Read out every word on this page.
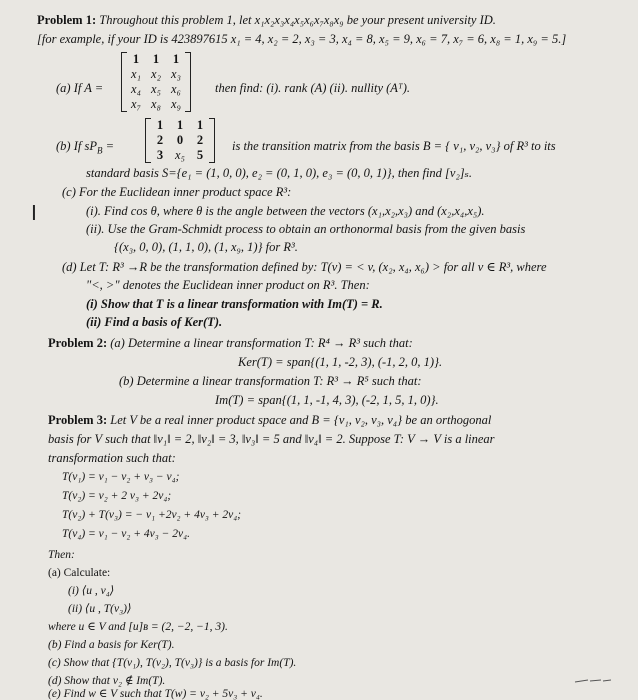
Problem 1: Throughout this problem 1, let x₁x₂x₃x₄x₅x₆x₇x₈x₉ be your present university ID.
[for example, if your ID is 423897615 x₁ = 4, x₂ = 2, x₃ = 3, x₄ = 8, x₅ = 9, x₆ = 7, x₇ = 6, x₈ = 1, x₉ = 5.]
(a) If A =
1	1	1
x₁ x₂ x₃
x₄ x₅ x₆
x₇ x₈ x₉
then find: (i). rank (A) (ii). nullity (Aᵀ).
(b) If $sP_B$ =
1	1	1
2	0	2
3 x₅ 5
is the transition matrix from the basis B = { v₁, v₂, v₃} of R³ to its
standard basis S={e₁ = (1, 0, 0), e₂ = (0, 1, 0), e₃ = (0, 0, 1)}, then find [v₂]ₛ.
(c) For the Euclidean inner product space R³:
I	(i). Find cos θ, where θ is the angle between the vectors (x₁,x₂,x₃) and (x₂,x₄,x₅).
(ii). Use the Gram-Schmidt process to obtain an orthonormal basis from the given basis
{(x₃, 0, 0), (1, 1, 0), (1, x₉, 1)} for R³.
(d) Let T: R³ →R be the transformation defined by: T(v) = < v, (x₂, x₄, x₆) > for all v ∈ R³, where
"<, >" denotes the Euclidean inner product on R³. Then:
(i) Show that T is a linear transformation with Im(T) = R.
(ii) Find a basis of Ker(T).
Problem 2: (a) Determine a linear transformation T: R⁴ → R³ such that:
Ker(T) = span{(1, 1, -2, 3), (-1, 2, 0, 1)}.
(b) Determine a linear transformation T: R³ → R⁵ such that:
Im(T) = span{(1, 1, -1, 4, 3), (-2, 1, 5, 1, 0)}.
Problem 3: Let V be a real inner product space and B = {v₁, v₂, v₃, v₄} be an orthogonal
basis for V such that ‖v₁‖ = 2, ‖v₂‖ = 3, ‖v₃‖ = 5 and ‖v₄‖ = 2. Suppose T: V → V is a linear
transformation such that:
T(v₁) = v₁ − v₂ + v₃ − v₄;
T(v₂) = v₂ + 2 v₃ + 2v₄;
T(v₂) + T(v₃) = − v₁ +2v₂ + 4v₃ + 2v₄;
T(v₄) = v₁ − v₂ + 4v₃ − 2v₄.
Then:
(a) Calculate:
(i) ⟨u , v₄⟩
(ii) ⟨u , T(v₃)⟩
where u ∈ V and [u]ʙ = (2, −2, −1, 3).
(b) Find a basis for Ker(T).
(c) Show that {T(v₁), T(v₂), T(v₃)} is a basis for Im(T).
(d) Show that v₂ ∉ Im(T).
(e) Find w ∈ V such that T(w) = v₂ + 5v₃ + v₄.
